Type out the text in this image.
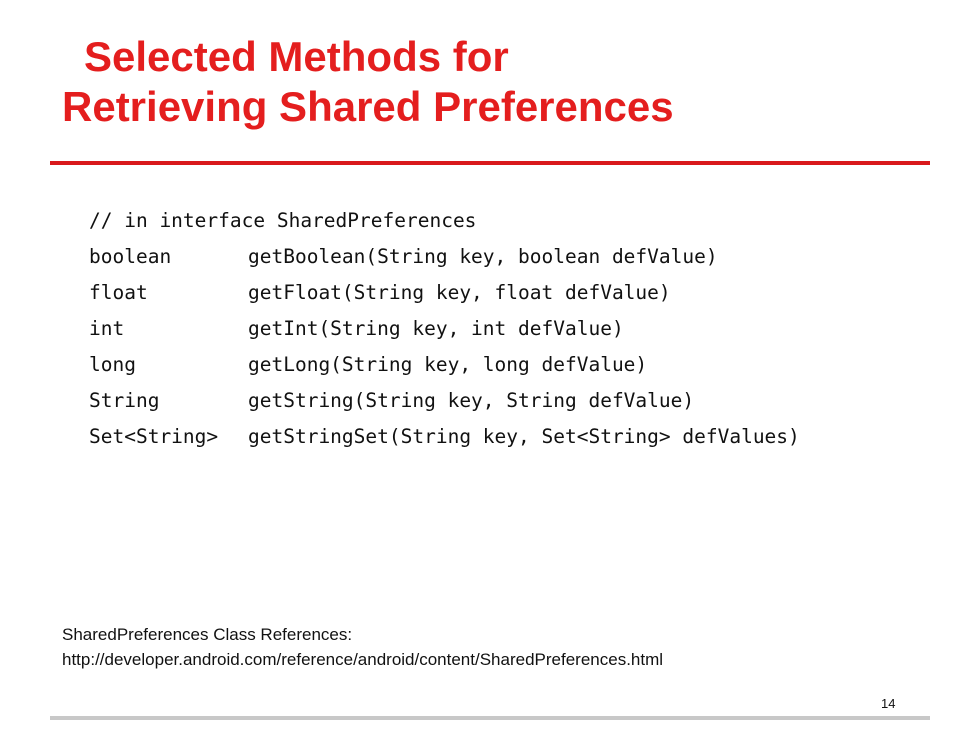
Selected Methods for
Retrieving Shared Preferences
// in interface SharedPreferences
boolean	getBoolean(String key, boolean defValue)
float	getFloat(String key, float defValue)
int	getInt(String key, int defValue)
long	getLong(String key, long defValue)
String	getString(String key, String defValue)
Set<String> getStringSet(String key, Set<String> defValues)
SharedPreferences Class References:
http://developer.android.com/reference/android/content/SharedPreferences.html
14
